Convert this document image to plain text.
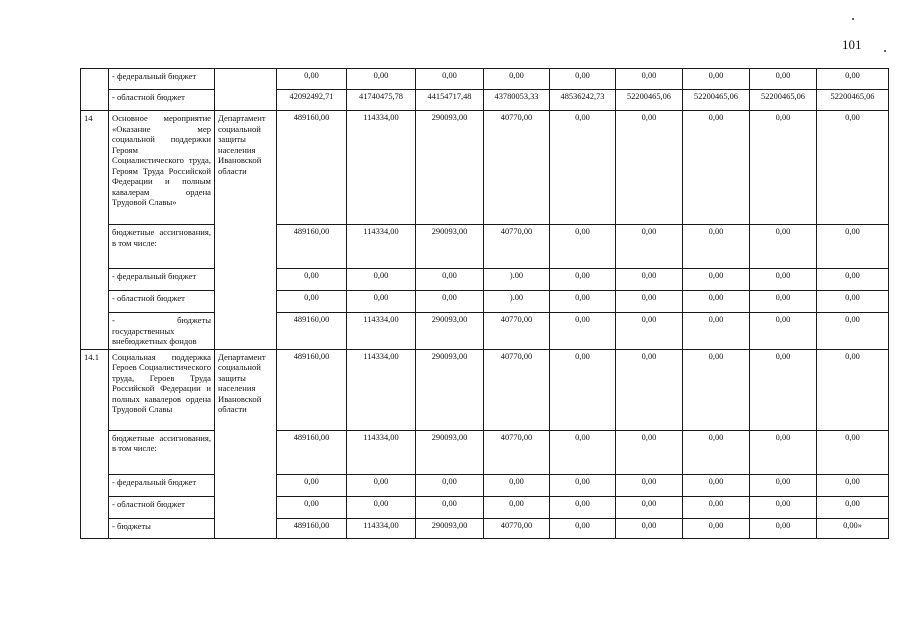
101
	- федеральный бюджет		0,00	0,00	0,00	0,00	0,00	0,00	0,00	0,00	0,00
	- областной бюджет		42092492,71	41740475,78	44154717,48	43780053,33	48536242,73	52200465,06	52200465,06	52200465,06	52200465,06
14	Основное мероприятие «Оказание мер социальной поддержки Героям Социалистического труда, Героям Труда Российской Федерации и полным кавалерам ордена Трудовой Славы»	Департамент социальной защиты населения Ивановской области	489160,00	114334,00	290093,00	40770,00	0,00	0,00	0,00	0,00	0,00
	бюджетные ассигнования, в том числе:		489160,00	114334,00	290093,00	40770,00	0,00	0,00	0,00	0,00	0,00
	- федеральный бюджет		0,00	0,00	0,00	).00	0,00	0,00	0,00	0,00	0,00
	- областной бюджет		0,00	0,00	0,00	).00	0,00	0,00	0,00	0,00	0,00
	- бюджеты государственных внебюджетных фондов		489160,00	114334,00	290093,00	40770,00	0,00	0,00	0,00	0,00	0,00
14.1	Социальная поддержка Героев Социалистического труда, Героев Труда Российской Федерации и полных кавалеров ордена Трудовой Славы	Департамент социальной защиты населения Ивановской области	489160,00	114334,00	290093,00	40770,00	0,00	0,00	0,00	0,00	0,00
	бюджетные ассигнования, в том числе:		489160,00	114334,00	290093,00	40770,00	0,00	0,00	0,00	0,00	0,00
	- федеральный бюджет		0,00	0,00	0,00	0,00	0,00	0,00	0,00	0,00	0,00
	- областной бюджет		0,00	0,00	0,00	0,00	0,00	0,00	0,00	0,00	0,00
	- бюджеты		489160,00	114334,00	290093,00	40770,00	0,00	0,00	0,00	0,00	0,00»
